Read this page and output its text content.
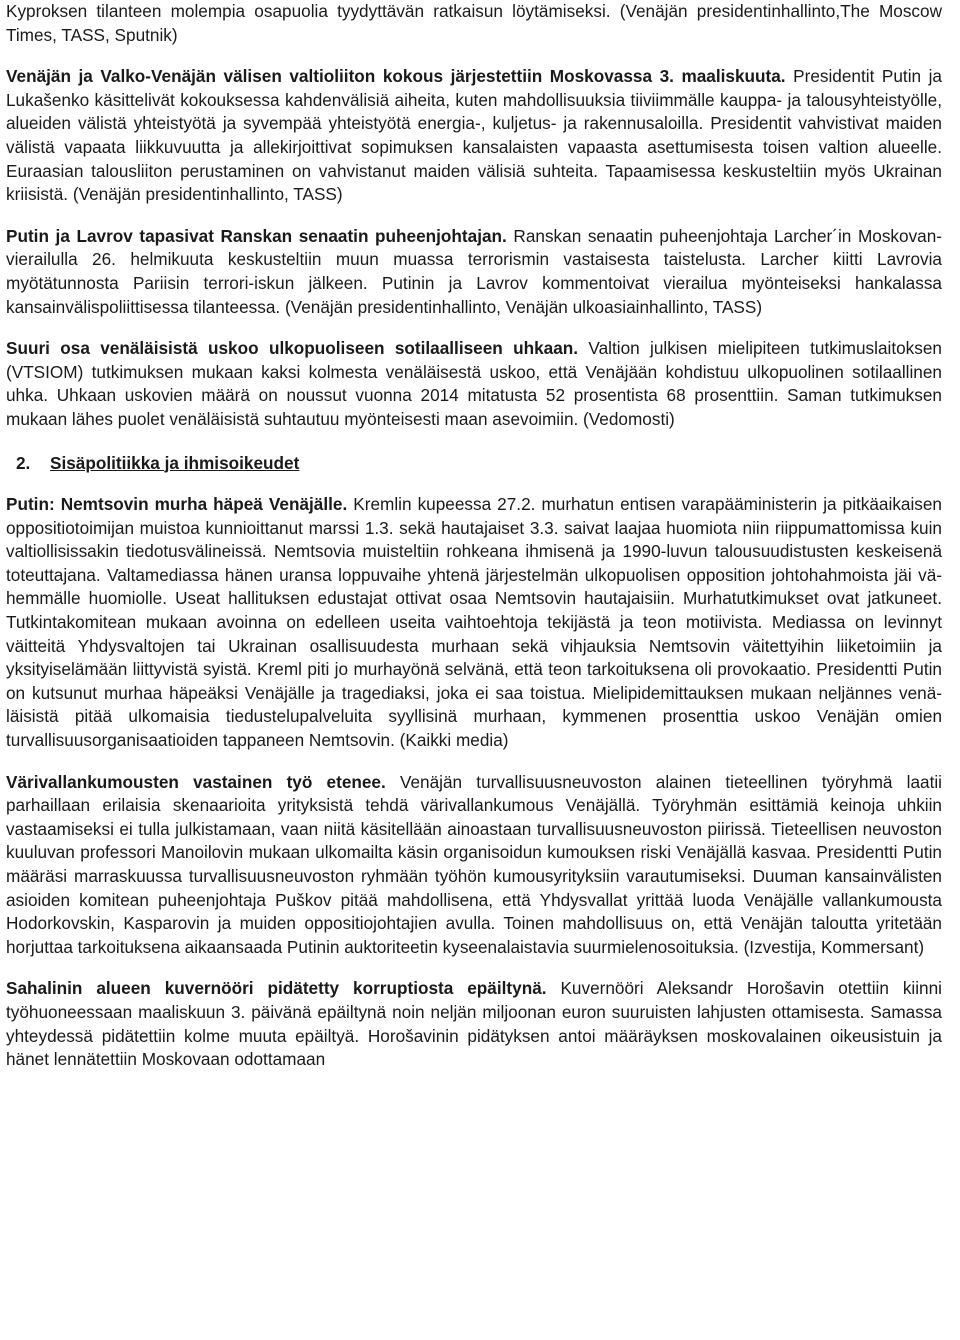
Kyproksen tilanteen molempia osapuolia tyydyttävän ratkaisun löytämiseksi. (Venäjän presidentinhallinto,The Moscow Times, TASS, Sputnik)

Venäjän ja Valko-Venäjän välisen valtioliiton kokous järjestettiin Moskovassa 3. maaliskuuta. Presidentit Putin ja Lukašenko käsittelivät kokouksessa kahdenvälisiä aiheita, kuten mahdollisuuksia tiiviimmälle kauppa- ja talousyhteistyölle, alueiden välistä yhteistyötä ja syvempää yhteistyötä energia-, kuljetus- ja rakennusaloilla. Presidentit vahvistivat maiden välistä vapaata liikkuvuutta ja allekirjoittivat sopimuksen kansalaisten vapaasta asettumisesta toisen valtion alueelle. Euraasian talousliiton perustaminen on vahvistanut maiden välisiä suhteita. Tapaamisessa keskusteltiin myös Ukrainan kriisistä. (Venäjän presidentinhallinto, TASS)

Putin ja Lavrov tapasivat Ranskan senaatin puheenjohtajan. Ranskan senaatin puheenjohtaja Larcher´in Moskovan-vierailulla 26. helmikuuta keskusteltiin muun muassa terrorismin vastaisesta taistelusta. Larcher kiitti Lavrovia myötätunnosta Pariisin terrori-iskun jälkeen. Putinin ja Lavrov kommentoivat vierailua myönteiseksi hankalassa kansainvälispoliittisessa tilanteessa. (Venäjän presidentinhallinto, Venäjän ulkoasiainhallinto, TASS)

Suuri osa venäläisistä uskoo ulkopuoliseen sotilaalliseen uhkaan. Valtion julkisen mielipiteen tutkimuslaitoksen (VTSIOM) tutkimuksen mukaan kaksi kolmesta venäläisestä uskoo, että Venäjään kohdistuu ulkopuolinen sotilaallinen uhka. Uhkaan uskovien määrä on noussut vuonna 2014 mitatusta 52 prosentista 68 prosenttiin. Saman tutkimuksen mukaan lähes puolet venäläisistä suhtautuu myönteisesti maan asevoimiin. (Vedomosti)

2. Sisäpolitiikka ja ihmisoikeudet

Putin: Nemtsovin murha häpeä Venäjälle. Kremlin kupeessa 27.2. murhatun entisen varapääministerin ja pitkäaikaisen oppositiotoimijan muistoa kunnioittanut marssi 1.3. sekä hautajaiset 3.3. saivat laajaa huomiota niin riippumattomissa kuin valtiollisissakin tiedotusvälineissä. Nemtsovia muisteltiin rohkeana ihmisenä ja 1990-luvun talousuudistusten keskeisenä toteuttajana. Valtamediassa hänen uransa loppuvaihe yhtenä järjestelmän ulkopuolisen opposition johtohahmoista jäi vähemmälle huomiolle. Useat hallituksen edustajat ottivat osaa Nemtsovin hautajaisiin. Murhatutkimukset ovat jatkuneet. Tutkintakomitean mukaan avoinna on edelleen useita vaihtoehtoja tekijästä ja teon motiivista. Mediassa on levinnyt väitteitä Yhdysvaltojen tai Ukrainan osallisuudesta murhaan sekä vihjauksia Nemtsovin väitettyihin liiketoimiin ja yksityiselämään liittyvistä syistä. Kreml piti jo murhayönä selvänä, että teon tarkoituksena oli provokaatio. Presidentti Putin on kutsunut murhaa häpeäksi Venäjälle ja tragediaksi, joka ei saa toistua. Mielipidemittauksen mukaan neljännes venäläisistä pitää ulkomaisia tiedustelupalveluita syyllisinä murhaan, kymmenen prosenttia uskoo Venäjän omien turvallisuusorganisaatioiden tappaneen Nemtsovin. (Kaikki media)

Värivallankumousten vastainen työ etenee. Venäjän turvallisuusneuvoston alainen tieteellinen työryhmä laatii parhaillaan erilaisia skenaarioita yrityksistä tehdä värivallankumous Venäjällä. Työryhmän esittämiä keinoja uhkiin vastaamiseksi ei tulla julkistamaan, vaan niitä käsitellään ainoastaan turvallisuusneuvoston piirissä. Tieteellisen neuvoston kuuluvan professori Manoilovin mukaan ulkomailta käsin organisoidun kumouksen riski Venäjällä kasvaa. Presidentti Putin määräsi marraskuussa turvallisuusneuvoston ryhmään työhön kumousyrityksiin varautumiseksi. Duuman kansainvälisten asioiden komitean puheenjohtaja Puškov pitää mahdollisena, että Yhdysvallat yrittää luoda Venäjälle vallankumousta Hodorkovskin, Kasparovin ja muiden oppositiojohtajien avulla. Toinen mahdollisuus on, että Venäjän taloutta yritetään horjuttaa tarkoituksena aikaansaada Putinin auktoriteetin kyseenalaistavia suurmielenosoituksia. (Izvestija, Kommersant)

Sahalinin alueen kuvernööri pidätetty korruptiosta epäiltynä. Kuvernööri Aleksandr Horošavin otettiin kiinni työhuoneessaan maaliskuun 3. päivänä epäiltynä noin neljän miljoonan euron suuruisten lahjusten ottamisesta. Samassa yhteydessä pidätettiin kolme muuta epäiltyä. Horošavinin pidätyksen antoi määräyksen moskovalainen oikeusistuin ja hänet lennätettiin Moskovaan odottamaan
